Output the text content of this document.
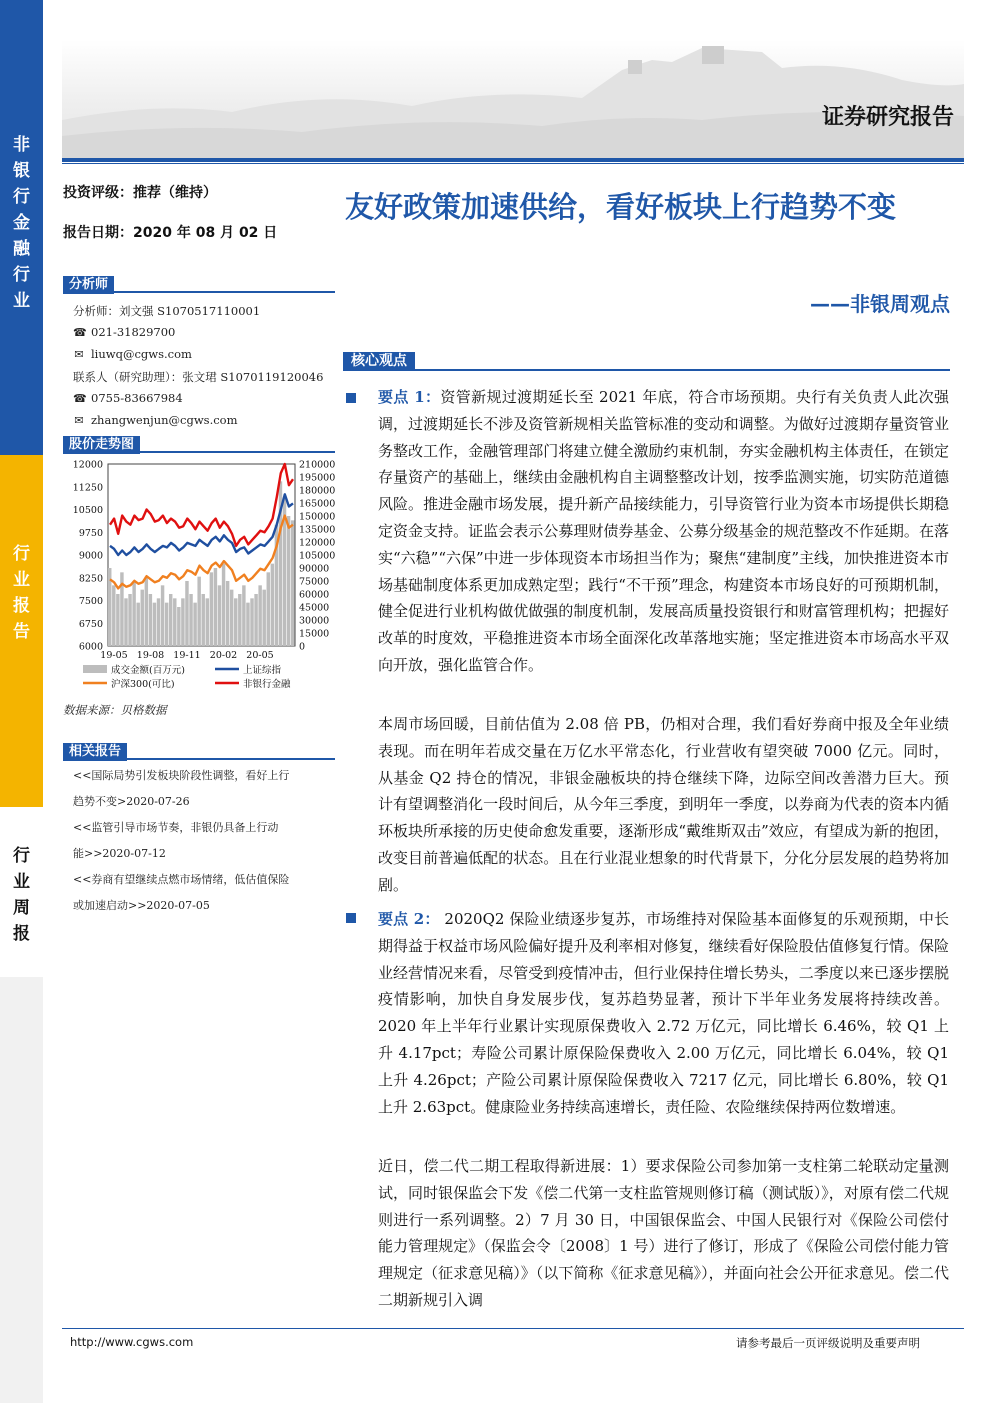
非
银
行
金
融
行
业
行
业
报
告
行
业
周
报
证券研究报告
投资评级：推荐（维持）
报告日期：2020 年 08 月 02 日
分析师
分析师：刘文强 S1070517110001
☎ 021-31829700
✉ liuwq@cgws.com
联系人（研究助理）：张文珺 S1070119120046
☎ 0755-83667984
✉ zhangwenjun@cgws.com
股价走势图
12000
11250
10500
9750
9000
8250
7500
6750
6000
210000
195000
180000
165000
150000
135000
120000
105000
90000
75000
60000
45000
30000
15000
0
19-05 19-08 19-11 20-02 20-05
成交金额(百万元)	上证综指
沪深300(可比)	非银行金融
数据来源：贝格数据
相关报告
<<国际局势引发板块阶段性调整，看好上行
趋势不变>2020-07-26
<<监管引导市场节奏，非银仍具备上行动
能>>2020-07-12
<<券商有望继续点燃市场情绪，低估值保险
或加速启动>>2020-07-05
友好政策加速供给，看好板块上行趋势不变
——非银周观点
核心观点
要点 1：资管新规过渡期延长至 2021 年底，符合市场预期。央行有关负责人此次强调，过渡期延长不涉及资管新规相关监管标准的变动和调整。为做好过渡期存量资管业务整改工作，金融管理部门将建立健全激励约束机制，夯实金融机构主体责任，在锁定存量资产的基础上，继续由金融机构自主调整整改计划，按季监测实施，切实防范道德风险。推进金融市场发展，提升新产品接续能力，引导资管行业为资本市场提供长期稳定资金支持。证监会表示公募理财债券基金、公募分级基金的规范整改不作延期。在落实“六稳”“六保”中进一步体现资本市场担当作为；聚焦“建制度”主线，加快推进资本市场基础制度体系更加成熟定型；践行“不干预”理念，构建资本市场良好的可预期机制，健全促进行业机构做优做强的制度机制，发展高质量投资银行和财富管理机构；把握好改革的时度效，平稳推进资本市场全面深化改革落地实施；坚定推进资本市场高水平双向开放，强化监管合作。
本周市场回暖，目前估值为 2.08 倍 PB，仍相对合理，我们看好券商中报及全年业绩表现。而在明年若成交量在万亿水平常态化，行业营收有望突破 7000 亿元。同时，从基金 Q2 持仓的情况，非银金融板块的持仓继续下降，边际空间改善潜力巨大。预计有望调整消化一段时间后，从今年三季度，到明年一季度，以券商为代表的资本内循环板块所承接的历史使命愈发重要，逐渐形成“戴维斯双击”效应，有望成为新的抱团，改变目前普遍低配的状态。且在行业混业想象的时代背景下，分化分层发展的趋势将加剧。
要点 2： 2020Q2 保险业绩逐步复苏，市场维持对保险基本面修复的乐观预期，中长期得益于权益市场风险偏好提升及利率相对修复，继续看好保险股估值修复行情。保险业经营情况来看，尽管受到疫情冲击，但行业保持住增长势头，二季度以来已逐步摆脱疫情影响，加快自身发展步伐，复苏趋势显著，预计下半年业务发展将持续改善。2020 年上半年行业累计实现原保费收入 2.72 万亿元，同比增长 6.46%，较 Q1 上升 4.17pct；寿险公司累计原保险保费收入 2.00 万亿元，同比增长 6.04%，较 Q1 上升 4.26pct；产险公司累计原保险保费收入 7217 亿元，同比增长 6.80%，较 Q1 上升 2.63pct。健康险业务持续高速增长，责任险、农险继续保持两位数增速。
近日，偿二代二期工程取得新进展：1）要求保险公司参加第一支柱第二轮联动定量测试，同时银保监会下发《偿二代第一支柱监管规则修订稿（测试版）》，对原有偿二代规则进行一系列调整。2）7 月 30 日，中国银保监会、中国人民银行对《保险公司偿付能力管理规定》（保监会令〔2008〕1 号）进行了修订，形成了《保险公司偿付能力管理规定（征求意见稿）》（以下简称《征求意见稿》），并面向社会公开征求意见。偿二代二期新规引入调
http://www.cgws.com	请参考最后一页评级说明及重要声明
